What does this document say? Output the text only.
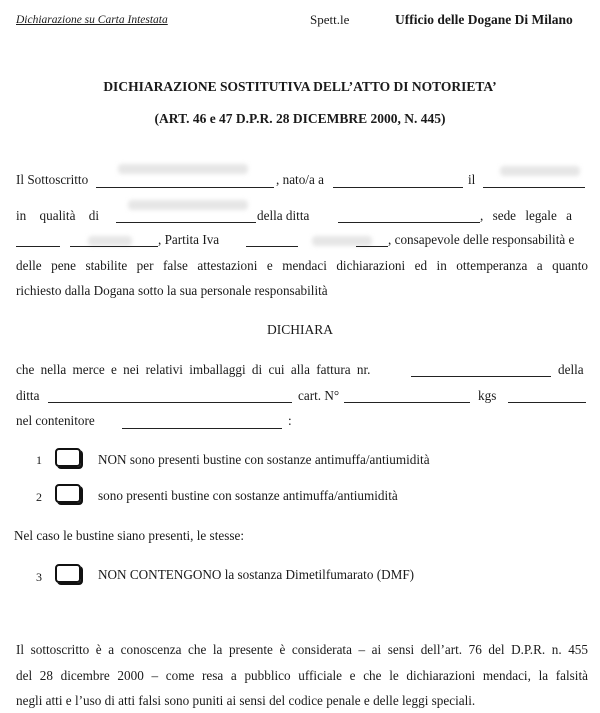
Dichiarazione su Carta Intestata	Spett.le	Ufficio delle Dogane Di Milano
DICHIARAZIONE SOSTITUTIVA DELL’ATTO DI NOTORIETA’
(ART. 46 e 47 D.P.R. 28 DICEMBRE 2000, N. 445)
Il Sottoscritto	, nato/a a	il
in qualità di	della ditta	, sede legale a
, Partita Iva	, consapevole delle responsabilità e
delle pene stabilite per false attestazioni e mendaci dichiarazioni ed in ottemperanza a quanto
richiesto dalla Dogana sotto la sua personale responsabilità
DICHIARA
che nella merce e nei relativi imballaggi di cui alla fattura nr.	della
ditta	cart. N°	kgs
nel contenitore	:
1	NON sono presenti bustine con sostanze antimuffa/antiumidità
2	sono presenti bustine con sostanze antimuffa/antiumidità
Nel caso le bustine siano presenti, le stesse:
3	NON CONTENGONO la sostanza Dimetilfumarato (DMF)
Il sottoscritto è a conoscenza che la presente è considerata – ai sensi dell’art. 76 del D.P.R. n. 455
del 28 dicembre 2000 – come resa a pubblico ufficiale e che le dichiarazioni mendaci, la falsità
negli atti e l’uso di atti falsi sono puniti ai sensi del codice penale e delle leggi speciali.
